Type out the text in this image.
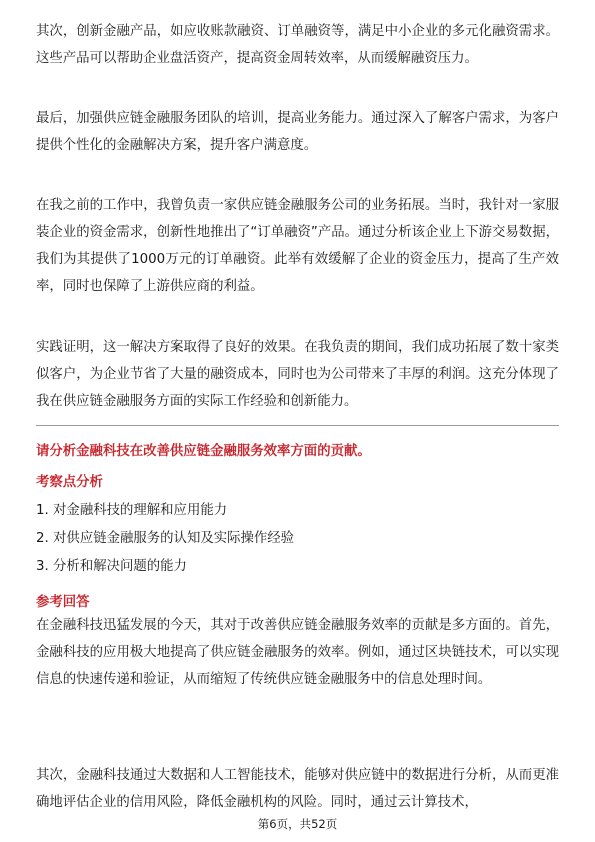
其次，创新金融产品，如应收账款融资、订单融资等，满足中小企业的多元化融资需求。这些产品可以帮助企业盘活资产，提高资金周转效率，从而缓解融资压力。

最后，加强供应链金融服务团队的培训，提高业务能力。通过深入了解客户需求，为客户提供个性化的金融解决方案，提升客户满意度。

在我之前的工作中，我曾负责一家供应链金融服务公司的业务拓展。当时，我针对一家服装企业的资金需求，创新性地推出了“订单融资”产品。通过分析该企业上下游交易数据，我们为其提供了1000万元的订单融资。此举有效缓解了企业的资金压力，提高了生产效率，同时也保障了上游供应商的利益。

实践证明，这一解决方案取得了良好的效果。在我负责的期间，我们成功拓展了数十家类似客户，为企业节省了大量的融资成本，同时也为公司带来了丰厚的利润。这充分体现了我在供应链金融服务方面的实际工作经验和创新能力。

请分析金融科技在改善供应链金融服务效率方面的贡献。

考察点分析

1. 对金融科技的理解和应用能力

2. 对供应链金融服务的认知及实际操作经验

3. 分析和解决问题的能力

参考回答

在金融科技迅猛发展的今天，其对于改善供应链金融服务效率的贡献是多方面的。首先，金融科技的应用极大地提高了供应链金融服务的效率。例如，通过区块链技术，可以实现信息的快速传递和验证，从而缩短了传统供应链金融服务中的信息处理时间。

其次，金融科技通过大数据和人工智能技术，能够对供应链中的数据进行分析，从而更准确地评估企业的信用风险，降低金融机构的风险。同时，通过云计算技术，

第6页，共52页
